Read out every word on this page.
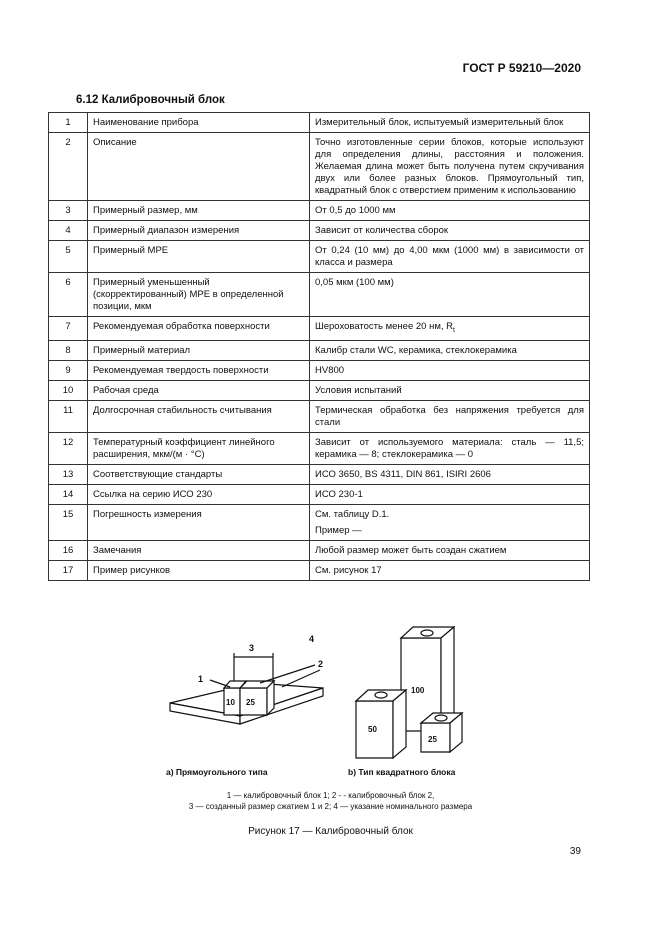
ГОСТ Р 59210—2020
6.12 Калибровочный блок
1	Наименование прибора	Измерительный блок, испытуемый измерительный блок
2	Описание	Точно изготовленные серии блоков, которые используют для определения длины, расстояния и положения. Желаемая длина может быть получена путем скручивания двух или более разных блоков. Прямоугольный тип, квадратный блок с отверстием применим к использованию
3	Примерный размер, мм	От 0,5 до 1000 мм
4	Примерный диапазон измерения	Зависит от количества сборок
5	Примерный MPE	От 0,24 (10 мм) до 4,00 мкм (1000 мм) в зависимости от класса и размера
6	Примерный уменьшенный (скорректированный) MPE в определенной позиции, мкм	0,05 мкм (100 мм)
7	Рекомендуемая обработка поверхности	Шероховатость менее 20 нм, $R_t$
8	Примерный материал	Калибр стали WC, керамика, стеклокерамика
9	Рекомендуемая твердость поверхности	HV800
10	Рабочая среда	Условия испытаний
11	Долгосрочная стабильность считывания	Термическая обработка без напряжения требуется для стали
12	Температурный коэффициент линейного расширения, мкм/(м · °С)	Зависит от используемого материала: сталь — 11,5; керамика — 8; стеклокерамика — 0
13	Соответствующие стандарты	ИСО 3650, BS 4311, DIN 861, ISIRI 2606
14	Ссылка на серию ИСО 230	ИСО 230-1
15	Погрешность измерения	См. таблицу D.1.
Пример —

16	Замечания	Любой размер может быть создан сжатием
17	Пример рисунков	См. рисунок 17
1
2
3
4
10 25
100
50
25
а) Прямоугольного типа	b) Тип квадратного блока
1 — калибровочный блок 1; 2 - - калибровочный блок 2,
3 — созданный размер сжатием 1 и 2; 4 — указание номинального размера
Рисунок 17 — Калибровочный блок
39
